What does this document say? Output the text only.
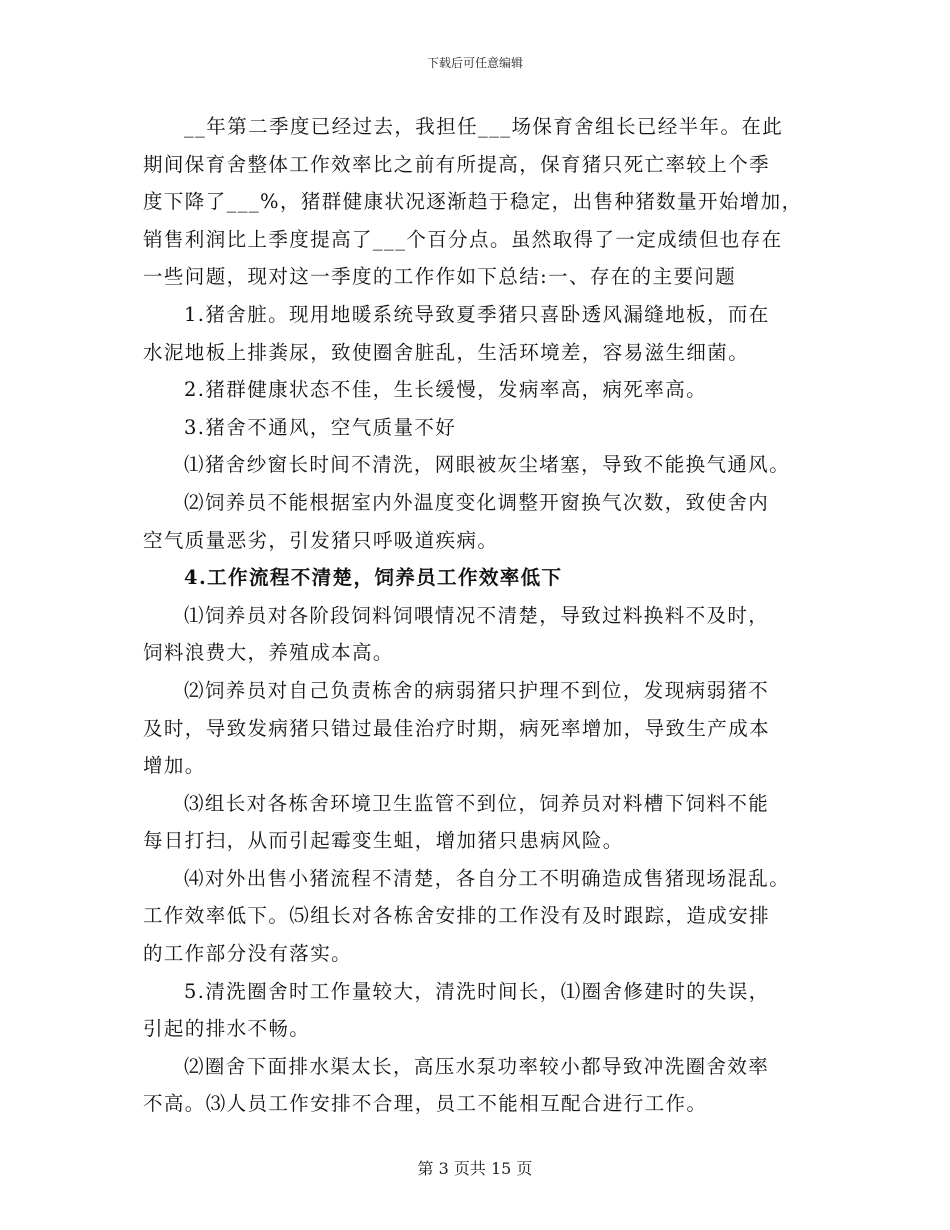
下载后可任意编辑

__年第二季度已经过去，我担任___场保育舍组长已经半年。在此

期间保育舍整体工作效率比之前有所提高，保育猪只死亡率较上个季

度下降了___%，猪群健康状况逐渐趋于稳定，出售种猪数量开始增加，

销售利润比上季度提高了___个百分点。虽然取得了一定成绩但也存在

一些问题，现对这一季度的工作作如下总结:一、存在的主要问题

1.猪舍脏。现用地暖系统导致夏季猪只喜卧透风漏缝地板，而在

水泥地板上排粪尿，致使圈舍脏乱，生活环境差，容易滋生细菌。

2.猪群健康状态不佳，生长缓慢，发病率高，病死率高。

3.猪舍不通风，空气质量不好

⑴猪舍纱窗长时间不清洗，网眼被灰尘堵塞，导致不能换气通风。

⑵饲养员不能根据室内外温度变化调整开窗换气次数，致使舍内

空气质量恶劣，引发猪只呼吸道疾病。

4.工作流程不清楚，饲养员工作效率低下

⑴饲养员对各阶段饲料饲喂情况不清楚，导致过料换料不及时，

饲料浪费大，养殖成本高。

⑵饲养员对自己负责栋舍的病弱猪只护理不到位，发现病弱猪不

及时，导致发病猪只错过最佳治疗时期，病死率增加，导致生产成本

增加。

⑶组长对各栋舍环境卫生监管不到位，饲养员对料槽下饲料不能

每日打扫，从而引起霉变生蛆，增加猪只患病风险。

⑷对外出售小猪流程不清楚，各自分工不明确造成售猪现场混乱。

工作效率低下。⑸组长对各栋舍安排的工作没有及时跟踪，造成安排

的工作部分没有落实。

5.清洗圈舍时工作量较大，清洗时间长，⑴圈舍修建时的失误，

引起的排水不畅。

⑵圈舍下面排水渠太长，高压水泵功率较小都导致冲洗圈舍效率

不高。⑶人员工作安排不合理，员工不能相互配合进行工作。

第 3 页共 15 页
